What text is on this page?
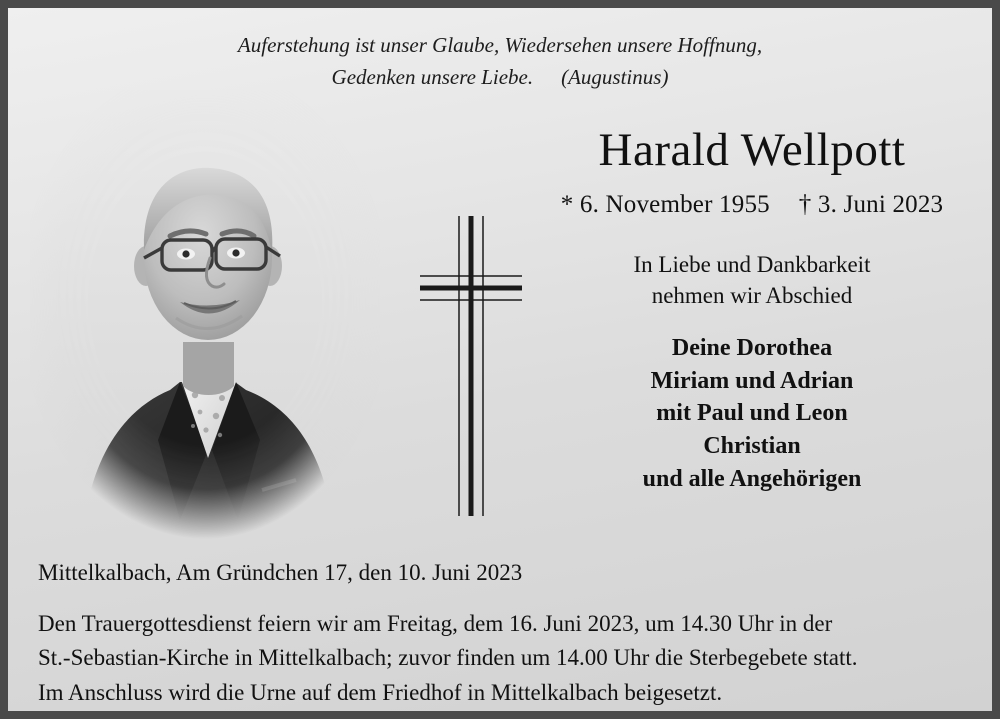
Auferstehung ist unser Glaube, Wiedersehen unsere Hoffnung,
Gedenken unsere Liebe. (Augustinus)
Harald Wellpott
* 6. November 1955 † 3. Juni 2023
In Liebe und Dankbarkeit
nehmen wir Abschied
Deine Dorothea
Miriam und Adrian
mit Paul und Leon
Christian
und alle Angehörigen
Mittelkalbach, Am Gründchen 17, den 10. Juni 2023

Den Trauergottesdienst feiern wir am Freitag, dem 16. Juni 2023, um 14.30 Uhr in der

St.-Sebastian-Kirche in Mittelkalbach; zuvor finden um 14.00 Uhr die Sterbegebete statt.

Im Anschluss wird die Urne auf dem Friedhof in Mittelkalbach beigesetzt.
